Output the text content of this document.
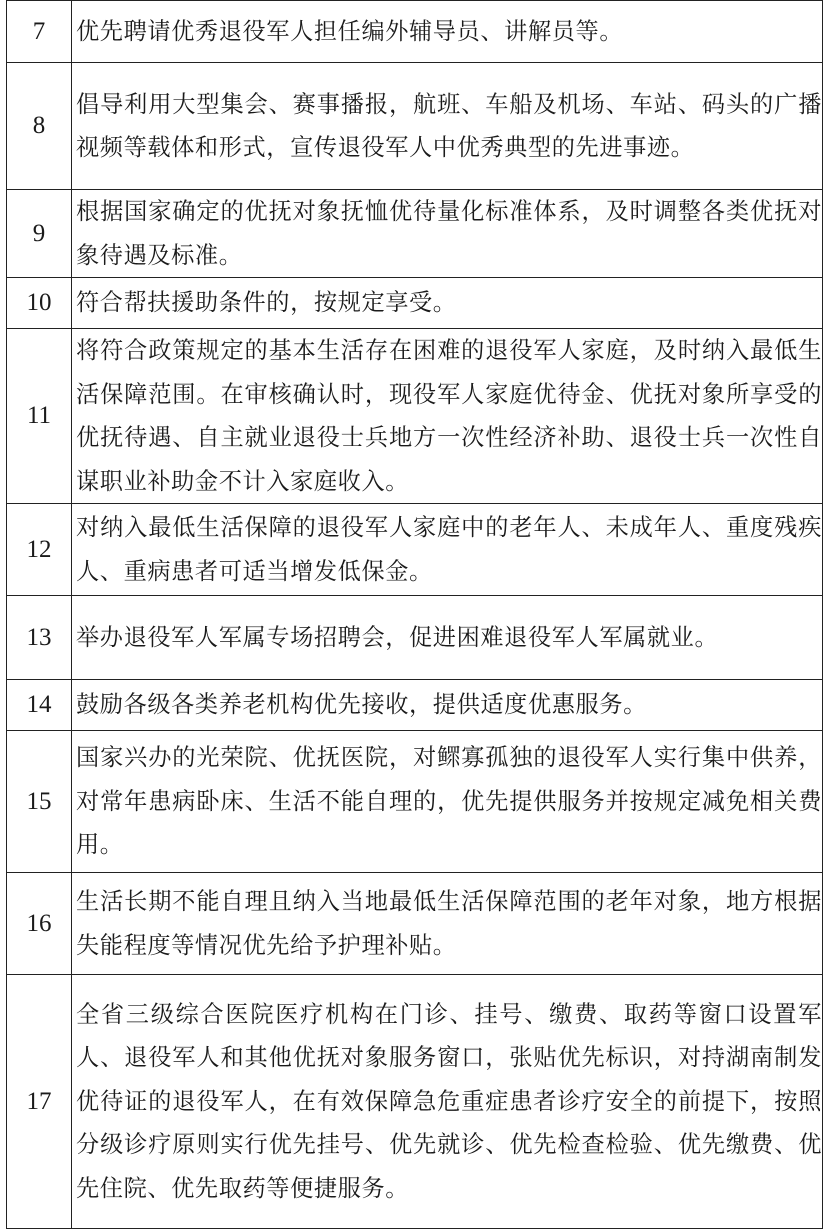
7	优先聘请优秀退役军人担任编外辅导员、讲解员等。
8	倡导利用大型集会、赛事播报，航班、车船及机场、车站、码头的广播视频等载体和形式，宣传退役军人中优秀典型的先进事迹。
9	根据国家确定的优抚对象抚恤优待量化标准体系，及时调整各类优抚对象待遇及标准。
10	符合帮扶援助条件的，按规定享受。
11	将符合政策规定的基本生活存在困难的退役军人家庭，及时纳入最低生活保障范围。在审核确认时，现役军人家庭优待金、优抚对象所享受的优抚待遇、自主就业退役士兵地方一次性经济补助、退役士兵一次性自谋职业补助金不计入家庭收入。
12	对纳入最低生活保障的退役军人家庭中的老年人、未成年人、重度残疾人、重病患者可适当增发低保金。
13	举办退役军人军属专场招聘会，促进困难退役军人军属就业。
14	鼓励各级各类养老机构优先接收，提供适度优惠服务。
15	国家兴办的光荣院、优抚医院，对鳏寡孤独的退役军人实行集中供养，对常年患病卧床、生活不能自理的，优先提供服务并按规定减免相关费用。
16	生活长期不能自理且纳入当地最低生活保障范围的老年对象，地方根据失能程度等情况优先给予护理补贴。
17	全省三级综合医院医疗机构在门诊、挂号、缴费、取药等窗口设置军人、退役军人和其他优抚对象服务窗口，张贴优先标识，对持湖南制发优待证的退役军人，在有效保障急危重症患者诊疗安全的前提下，按照分级诊疗原则实行优先挂号、优先就诊、优先检查检验、优先缴费、优先住院、优先取药等便捷服务。
